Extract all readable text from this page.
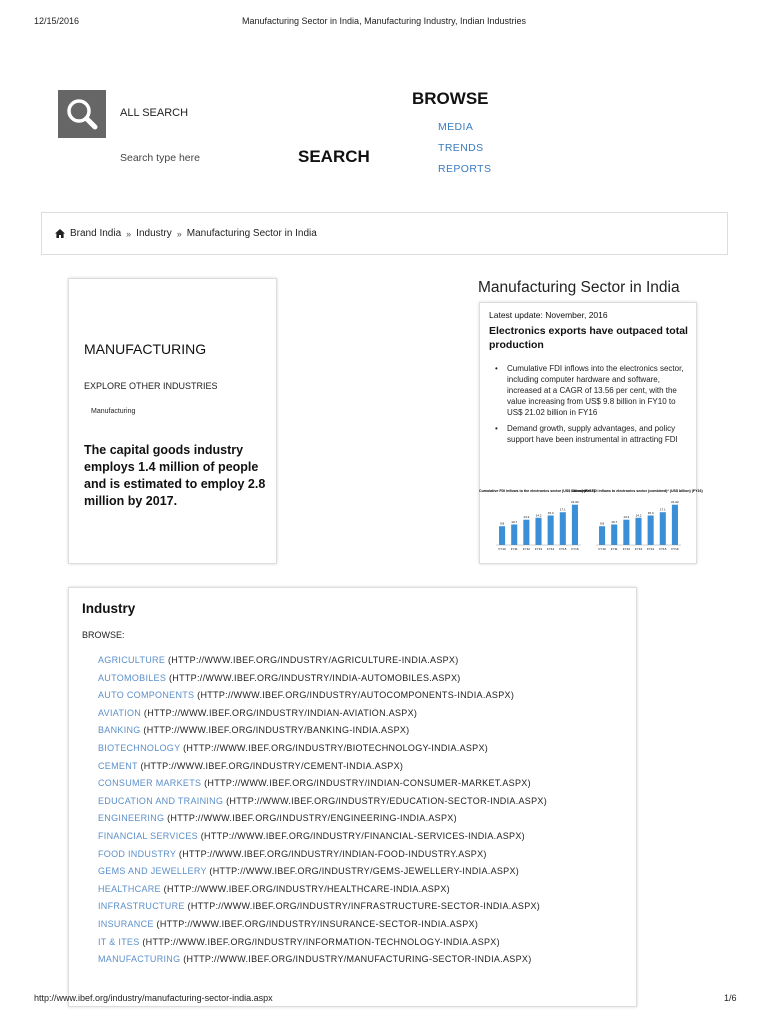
12/15/2016	Manufacturing Sector in India, Manufacturing Industry, Indian Industries
ALL SEARCH
Search type here	SEARCH
BROWSE
MEDIA
TRENDS
REPORTS
Brand India » Industry » Manufacturing Sector in India
MANUFACTURING
EXPLORE OTHER INDUSTRIES
Manufacturing
The capital goods industry employs 1.4 million of people and is estimated to employ 2.8 million by 2017.
Manufacturing Sector in India
Latest update: November, 2016
Electronics exports have outpaced total production
• Cumulative FDI inflows into the electronics sector, including computer hardware and software, increased at a CAGR of 13.56 per cent, with the value increasing from US$ 9.8 billion in FY10 to US$ 21.02 billion in FY16
• Demand growth, supply advantages, and policy support have been instrumental in attracting FDI
Cumulative FDI inflows to the electronics sector (US$ billion) (FY16)
9.8
FY10
10.7
FY11
13.2
FY12
14.2
FY13
15.4
FY14
17.1
FY15
21.02
FY16
Cumulative FDI inflows to electronics sector (combined)* (US$ billion) (FY16)
9.8
FY10
10.7
FY11
13.2
FY12
14.2
FY13
15.4
FY14
17.1
FY15
21.02
FY16
Industry
BROWSE:
AGRICULTURE (HTTP://WWW.IBEF.ORG/INDUSTRY/AGRICULTURE-INDIA.ASPX)
AUTOMOBILES (HTTP://WWW.IBEF.ORG/INDUSTRY/INDIA-AUTOMOBILES.ASPX)
AUTO COMPONENTS (HTTP://WWW.IBEF.ORG/INDUSTRY/AUTOCOMPONENTS-INDIA.ASPX)
AVIATION (HTTP://WWW.IBEF.ORG/INDUSTRY/INDIAN-AVIATION.ASPX)
BANKING (HTTP://WWW.IBEF.ORG/INDUSTRY/BANKING-INDIA.ASPX)
BIOTECHNOLOGY (HTTP://WWW.IBEF.ORG/INDUSTRY/BIOTECHNOLOGY-INDIA.ASPX)
CEMENT (HTTP://WWW.IBEF.ORG/INDUSTRY/CEMENT-INDIA.ASPX)
CONSUMER MARKETS (HTTP://WWW.IBEF.ORG/INDUSTRY/INDIAN-CONSUMER-MARKET.ASPX)
EDUCATION AND TRAINING (HTTP://WWW.IBEF.ORG/INDUSTRY/EDUCATION-SECTOR-INDIA.ASPX)
ENGINEERING (HTTP://WWW.IBEF.ORG/INDUSTRY/ENGINEERING-INDIA.ASPX)
FINANCIAL SERVICES (HTTP://WWW.IBEF.ORG/INDUSTRY/FINANCIAL-SERVICES-INDIA.ASPX)
FOOD INDUSTRY (HTTP://WWW.IBEF.ORG/INDUSTRY/INDIAN-FOOD-INDUSTRY.ASPX)
GEMS AND JEWELLERY (HTTP://WWW.IBEF.ORG/INDUSTRY/GEMS-JEWELLERY-INDIA.ASPX)
HEALTHCARE (HTTP://WWW.IBEF.ORG/INDUSTRY/HEALTHCARE-INDIA.ASPX)
INFRASTRUCTURE (HTTP://WWW.IBEF.ORG/INDUSTRY/INFRASTRUCTURE-SECTOR-INDIA.ASPX)
INSURANCE (HTTP://WWW.IBEF.ORG/INDUSTRY/INSURANCE-SECTOR-INDIA.ASPX)
IT & ITES (HTTP://WWW.IBEF.ORG/INDUSTRY/INFORMATION-TECHNOLOGY-INDIA.ASPX)
MANUFACTURING (HTTP://WWW.IBEF.ORG/INDUSTRY/MANUFACTURING-SECTOR-INDIA.ASPX)
http://www.ibef.org/industry/manufacturing-sector-india.aspx	1/6
